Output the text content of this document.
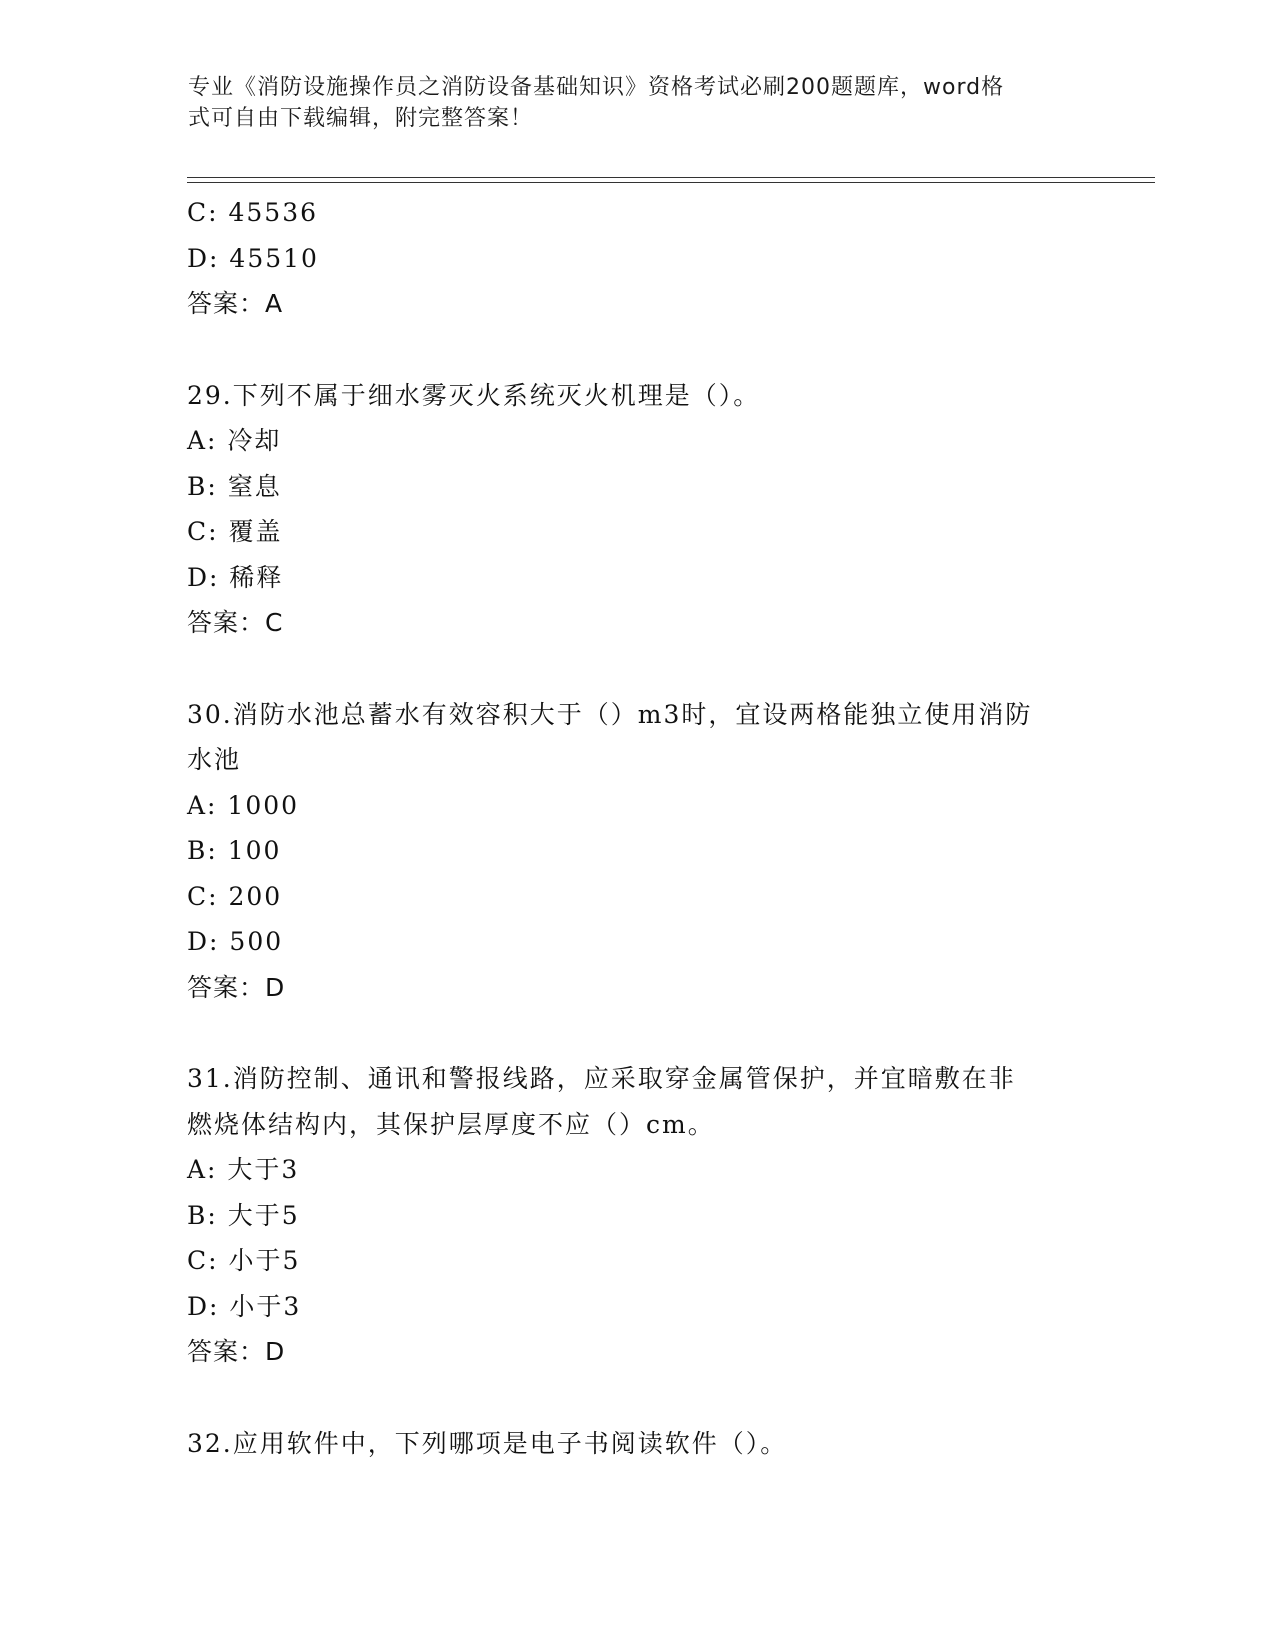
专业《消防设施操作员之消防设备基础知识》资格考试必刷200题题库，word格
式可自由下载编辑，附完整答案！
C: 45536
D: 45510
答案：A
29.下列不属于细水雾灭火系统灭火机理是（）。
A: 冷却
B: 窒息
C: 覆盖
D: 稀释
答案：C
30.消防水池总蓄水有效容积大于（）m3时，宜设两格能独立使用消防
水池
A: 1000
B: 100
C: 200
D: 500
答案：D
31.消防控制、通讯和警报线路，应采取穿金属管保护，并宜暗敷在非
燃烧体结构内，其保护层厚度不应（）cm。
A: 大于3
B: 大于5
C: 小于5
D: 小于3
答案：D
32.应用软件中，下列哪项是电子书阅读软件（）。
